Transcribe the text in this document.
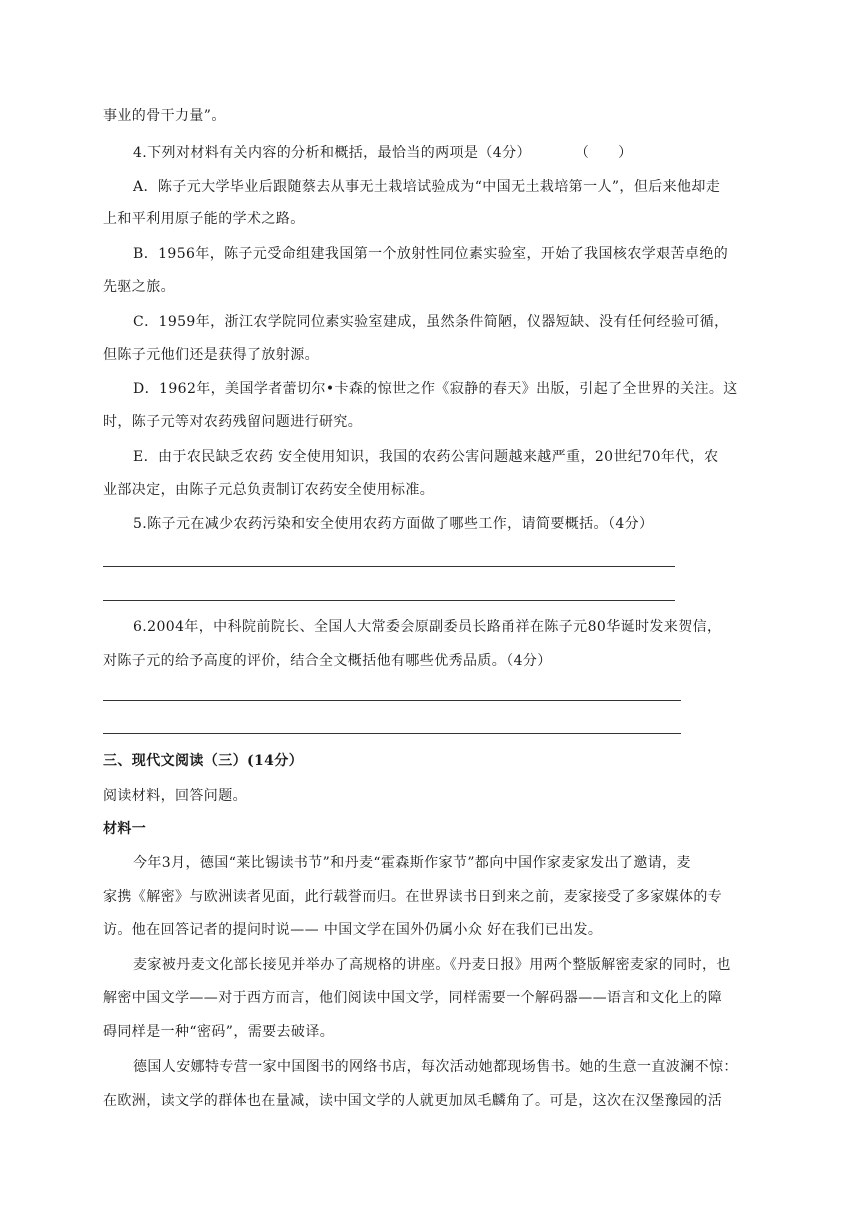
事业的骨干力量”。
4.下列对材料有关内容的分析和概括，最恰当的两项是（4分）	（　　）
A．陈子元大学毕业后跟随蔡去从事无土栽培试验成为“中国无土栽培第一人”，但后来他却走
上和平利用原子能的学术之路。
B．1956年，陈子元受命组建我国第一个放射性同位素实验室，开始了我国核农学艰苦卓绝的
先驱之旅。
C．1959年，浙江农学院同位素实验室建成，虽然条件简陋，仪器短缺、没有任何经验可循，
但陈子元他们还是获得了放射源。
D．1962年，美国学者蕾切尔•卡森的惊世之作《寂静的春天》出版，引起了全世界的关注。这
时，陈子元等对农药残留问题进行研究。
E．由于农民缺乏农药 安全使用知识，我国的农药公害问题越来越严重，20世纪70年代，农
业部决定，由陈子元总负责制订农药安全使用标准。
5.陈子元在减少农药污染和安全使用农药方面做了哪些工作，请简要概括。（4分）
6.2004年，中科院前院长、全国人大常委会原副委员长路甬祥在陈子元80华诞时发来贺信，
对陈子元的给予高度的评价，结合全文概括他有哪些优秀品质。（4分）
三、现代文阅读（三）(14分）
阅读材料，回答问题。
材料一
今年3月，德国“莱比锡读书节”和丹麦“霍森斯作家节”都向中国作家麦家发出了邀请，麦
家携《解密》与欧洲读者见面，此行载誉而归。在世界读书日到来之前，麦家接受了多家媒体的专
访。他在回答记者的提问时说—— 中国文学在国外仍属小众 好在我们已出发。
麦家被丹麦文化部长接见并举办了高规格的讲座。《丹麦日报》用两个整版解密麦家的同时，也
解密中国文学——对于西方而言，他们阅读中国文学，同样需要一个解码器——语言和文化上的障
碍同样是一种“密码”，需要去破译。
德国人安娜特专营一家中国图书的网络书店，每次活动她都现场售书。她的生意一直波澜不惊：
在欧洲，读文学的群体也在量减，读中国文学的人就更加凤毛麟角了。可是，这次在汉堡豫园的活
